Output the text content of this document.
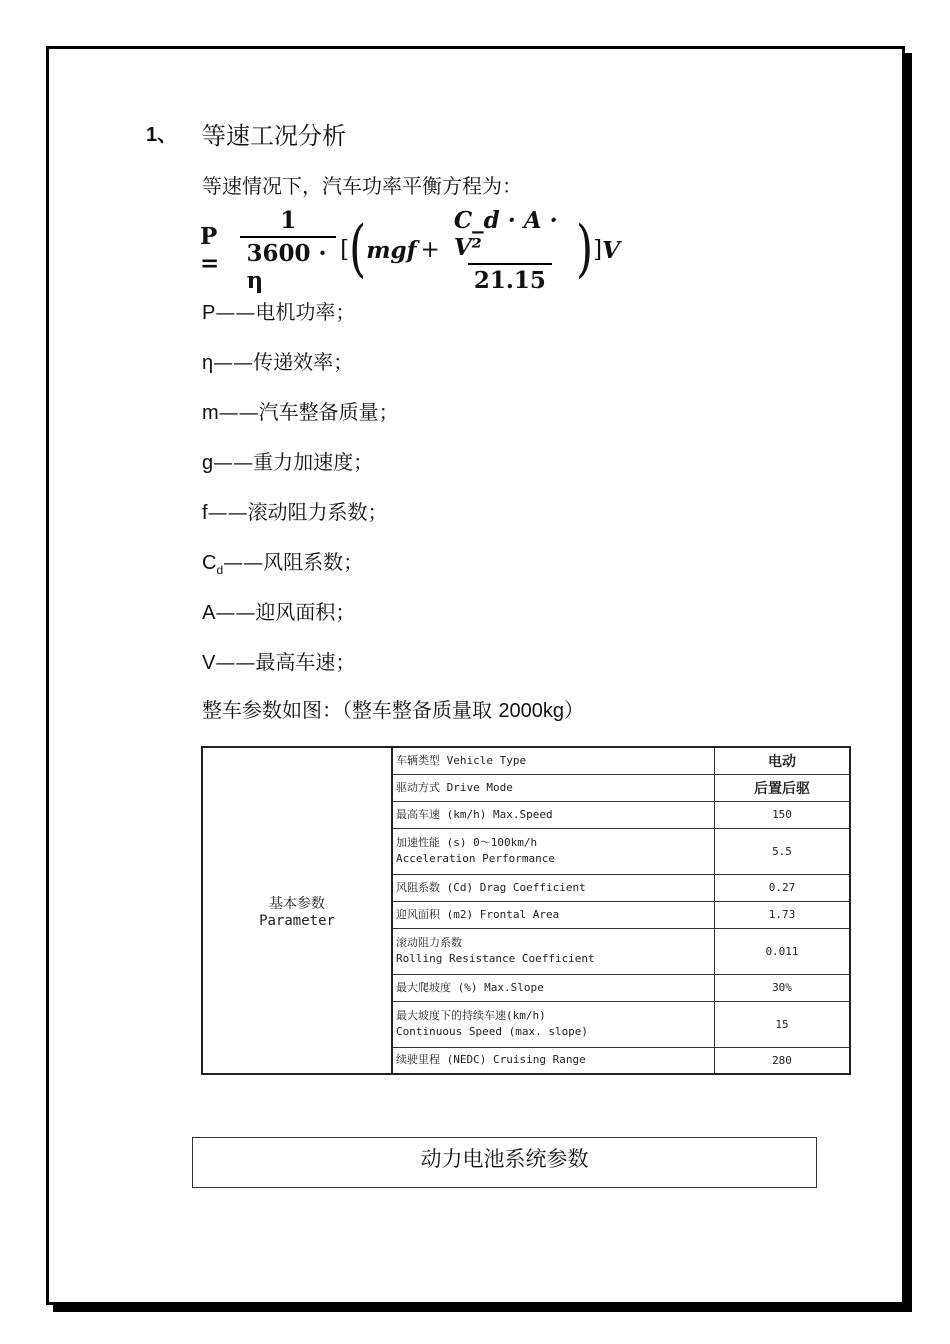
1、 等速工况分析
等速情况下，汽车功率平衡方程为：
$P = \frac{1}{3600 \cdot \eta}$ [ ( mgf + $\frac{\text{C\_d · A · V²}}{21.15}$ ) ] V
P——电机功率；
η——传递效率；
m——汽车整备质量；
g——重力加速度；
f——滚动阻力系数；
$C_d——$风阻系数；
A——迎风面积；
V——最高车速；
整车参数如图：（整车整备质量取 2000kg）
基本参数
Parameter	车辆类型 Vehicle Type	电动
	驱动方式 Drive Mode	后置后驱
	最高车速 (km/h) Max.Speed	150

	加速性能 (s) 0～100km/h
Acceleration Performance	5.5
	风阻系数 (Cd) Drag Coefficient	0.27
	迎风面积 (m2) Frontal Area	1.73

	滚动阻力系数
Rolling Resistance Coefficient	0.011
	最大爬坡度 (%) Max.Slope	30%

	最大坡度下的持续车速(km/h)
Continuous Speed (max. slope)	15
	续驶里程 (NEDC) Cruising Range	280
动力电池系统参数
